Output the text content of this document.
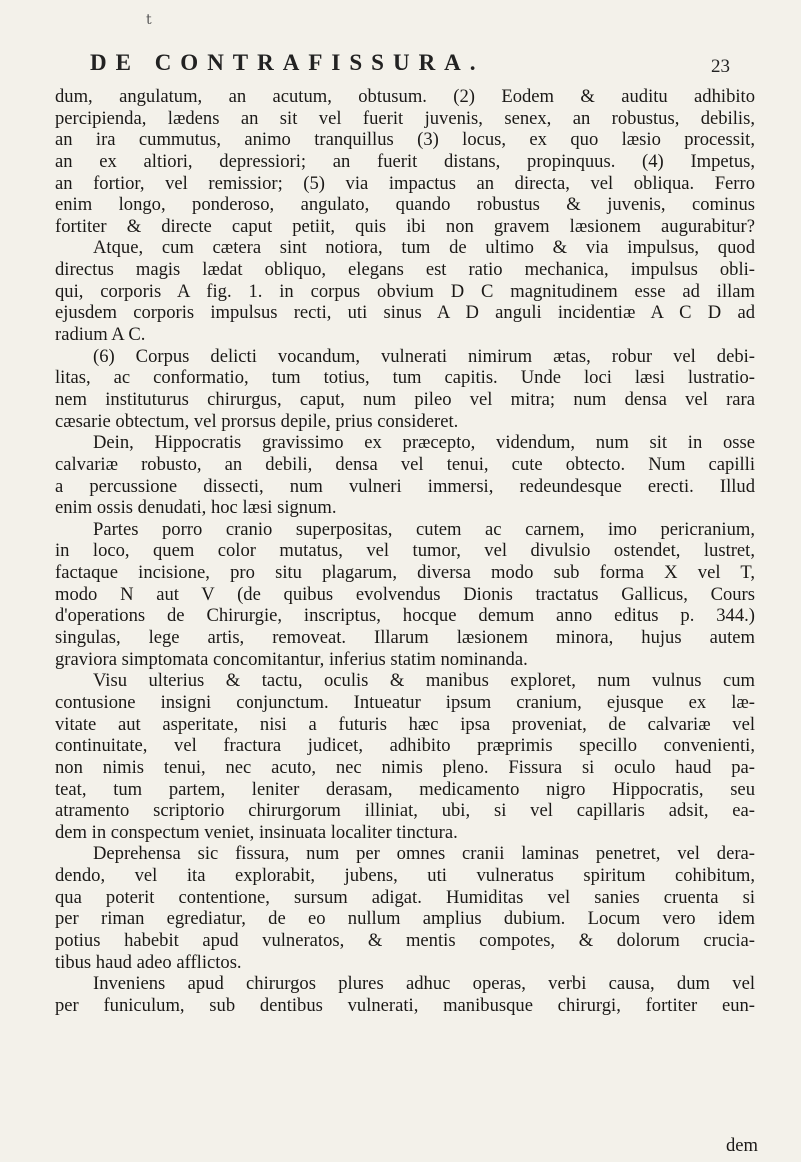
t
DE CONTRAFISSURA.	23
dum, angulatum, an acutum, obtusum. (2) Eodem & auditu adhibito
percipienda, lædens an sit vel fuerit juvenis, senex, an robustus, debilis,
an ira cummutus, animo tranquillus (3) locus, ex quo læsio processit,
an ex altiori, depressiori; an fuerit distans, propinquus. (4) Impetus,
an fortior, vel remissior; (5) via impactus an directa, vel obliqua. Ferro
enim longo, ponderoso, angulato, quando robustus & juvenis, cominus
fortiter & directe caput petiit, quis ibi non gravem læsionem augurabitur?
Atque, cum cætera sint notiora, tum de ultimo & via impulsus, quod
directus magis lædat obliquo, elegans est ratio mechanica, impulsus obli-
qui, corporis A fig. 1. in corpus obvium D C magnitudinem esse ad illam
ejusdem corporis impulsus recti, uti sinus A D anguli incidentiæ A C D ad
radium A C.
(6) Corpus delicti vocandum, vulnerati nimirum ætas, robur vel debi-
litas, ac conformatio, tum totius, tum capitis. Unde loci læsi lustratio-
nem instituturus chirurgus, caput, num pileo vel mitra; num densa vel rara
cæsarie obtectum, vel prorsus depile, prius consideret.
Dein, Hippocratis gravissimo ex præcepto, videndum, num sit in osse
calvariæ robusto, an debili, densa vel tenui, cute obtecto. Num capilli
a percussione dissecti, num vulneri immersi, redeundesque erecti. Illud
enim ossis denudati, hoc læsi signum.
Partes porro cranio superpositas, cutem ac carnem, imo pericranium,
in loco, quem color mutatus, vel tumor, vel divulsio ostendet, lustret,
factaque incisione, pro situ plagarum, diversa modo sub forma X vel T,
modo N aut V (de quibus evolvendus Dionis tractatus Gallicus, Cours
d'operations de Chirurgie, inscriptus, hocque demum anno editus p. 344.)
singulas, lege artis, removeat. Illarum læsionem minora, hujus autem
graviora simptomata concomitantur, inferius statim nominanda.
Visu ulterius & tactu, oculis & manibus exploret, num vulnus cum
contusione insigni conjunctum. Intueatur ipsum cranium, ejusque ex læ-
vitate aut asperitate, nisi a futuris hæc ipsa proveniat, de calvariæ vel
continuitate, vel fractura judicet, adhibito præprimis specillo convenienti,
non nimis tenui, nec acuto, nec nimis pleno. Fissura si oculo haud pa-
teat, tum partem, leniter derasam, medicamento nigro Hippocratis, seu
atramento scriptorio chirurgorum illiniat, ubi, si vel capillaris adsit, ea-
dem in conspectum veniet, insinuata localiter tinctura.
Deprehensa sic fissura, num per omnes cranii laminas penetret, vel dera-
dendo, vel ita explorabit, jubens, uti vulneratus spiritum cohibitum,
qua poterit contentione, sursum adigat. Humiditas vel sanies cruenta si
per riman egrediatur, de eo nullum amplius dubium. Locum vero idem
potius habebit apud vulneratos, & mentis compotes, & dolorum crucia-
tibus haud adeo afflictos.
Inveniens apud chirurgos plures adhuc operas, verbi causa, dum vel
per funiculum, sub dentibus vulnerati, manibusque chirurgi, fortiter eun-
dem
